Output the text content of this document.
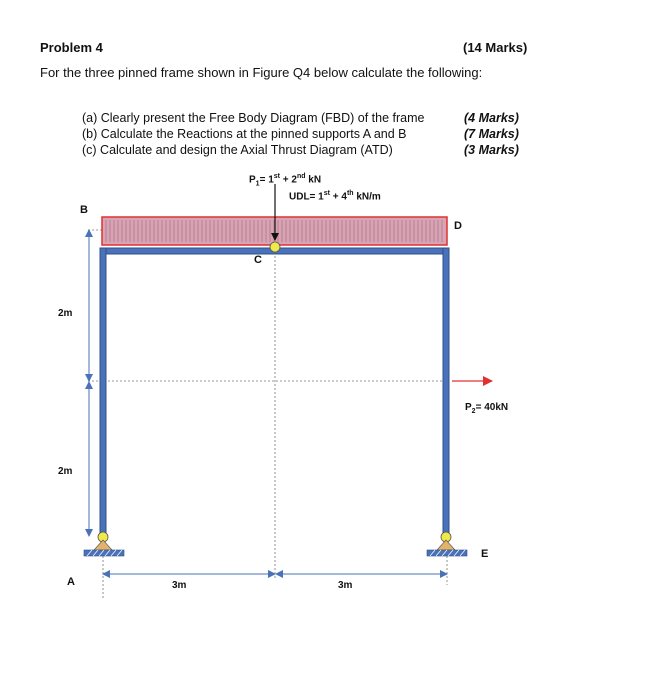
Problem 4	(14 Marks)
For the three pinned frame shown in Figure Q4 below calculate the following:
(a) Clearly present the Free Body Diagram (FBD) of the frame	(4 Marks)
(b) Calculate the Reactions at the pinned supports A and B	(7 Marks)
(c) Calculate and design the Axial Thrust Diagram (ATD)	(3 Marks)
$P_1= 1st + 2nd$ kN
UDL= 1st + 4th kN/m
B
D
C
E
A
2m
2m
3m	3m
$P_2= 40kN$
